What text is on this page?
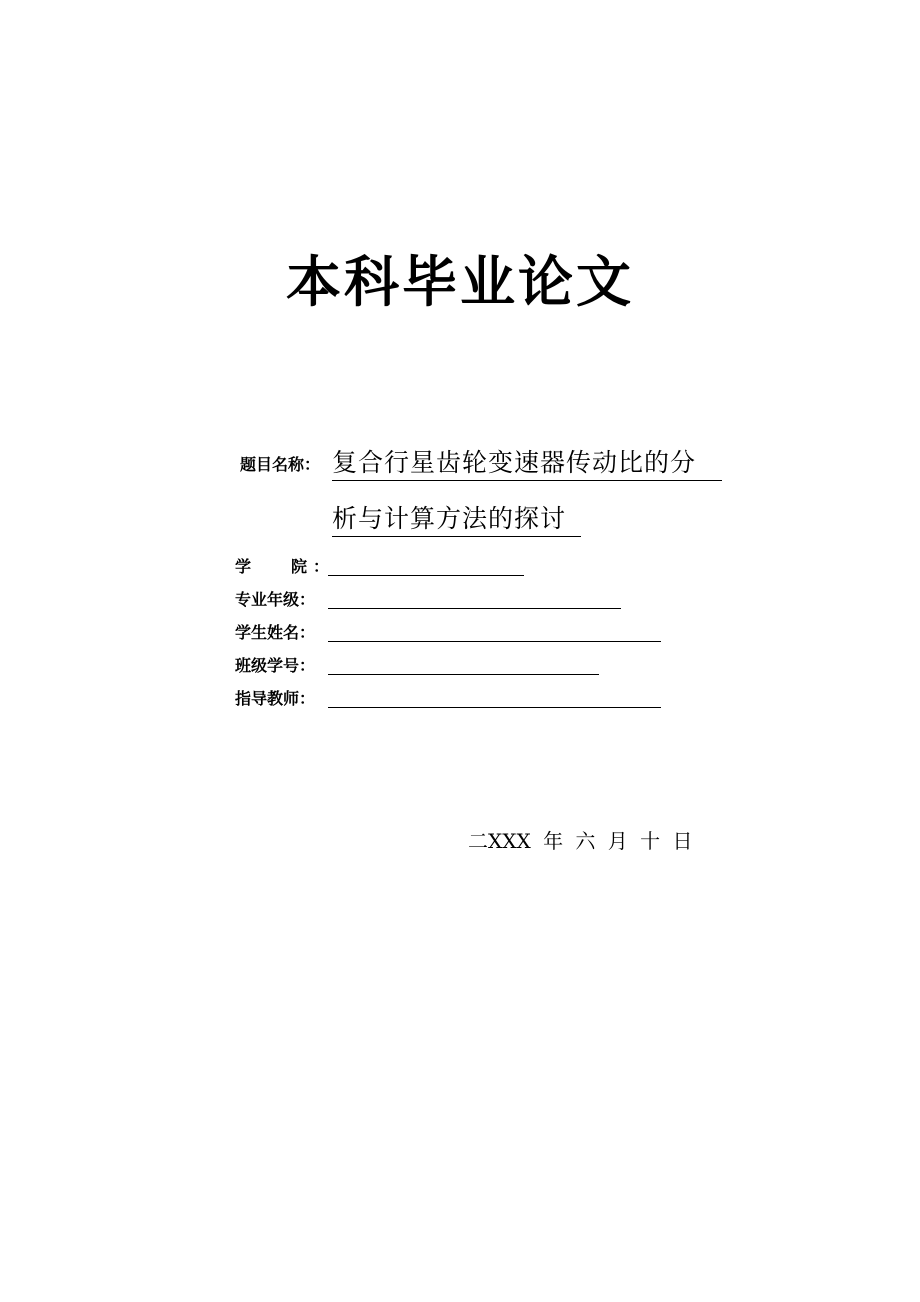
本科毕业论文
题目名称： 复合行星齿轮变速器传动比的分
析与计算方法的探讨
学 院 ：
专业年级：
学生姓名：
班级学号：
指导教师：
二XXX 年 六 月 十 日
